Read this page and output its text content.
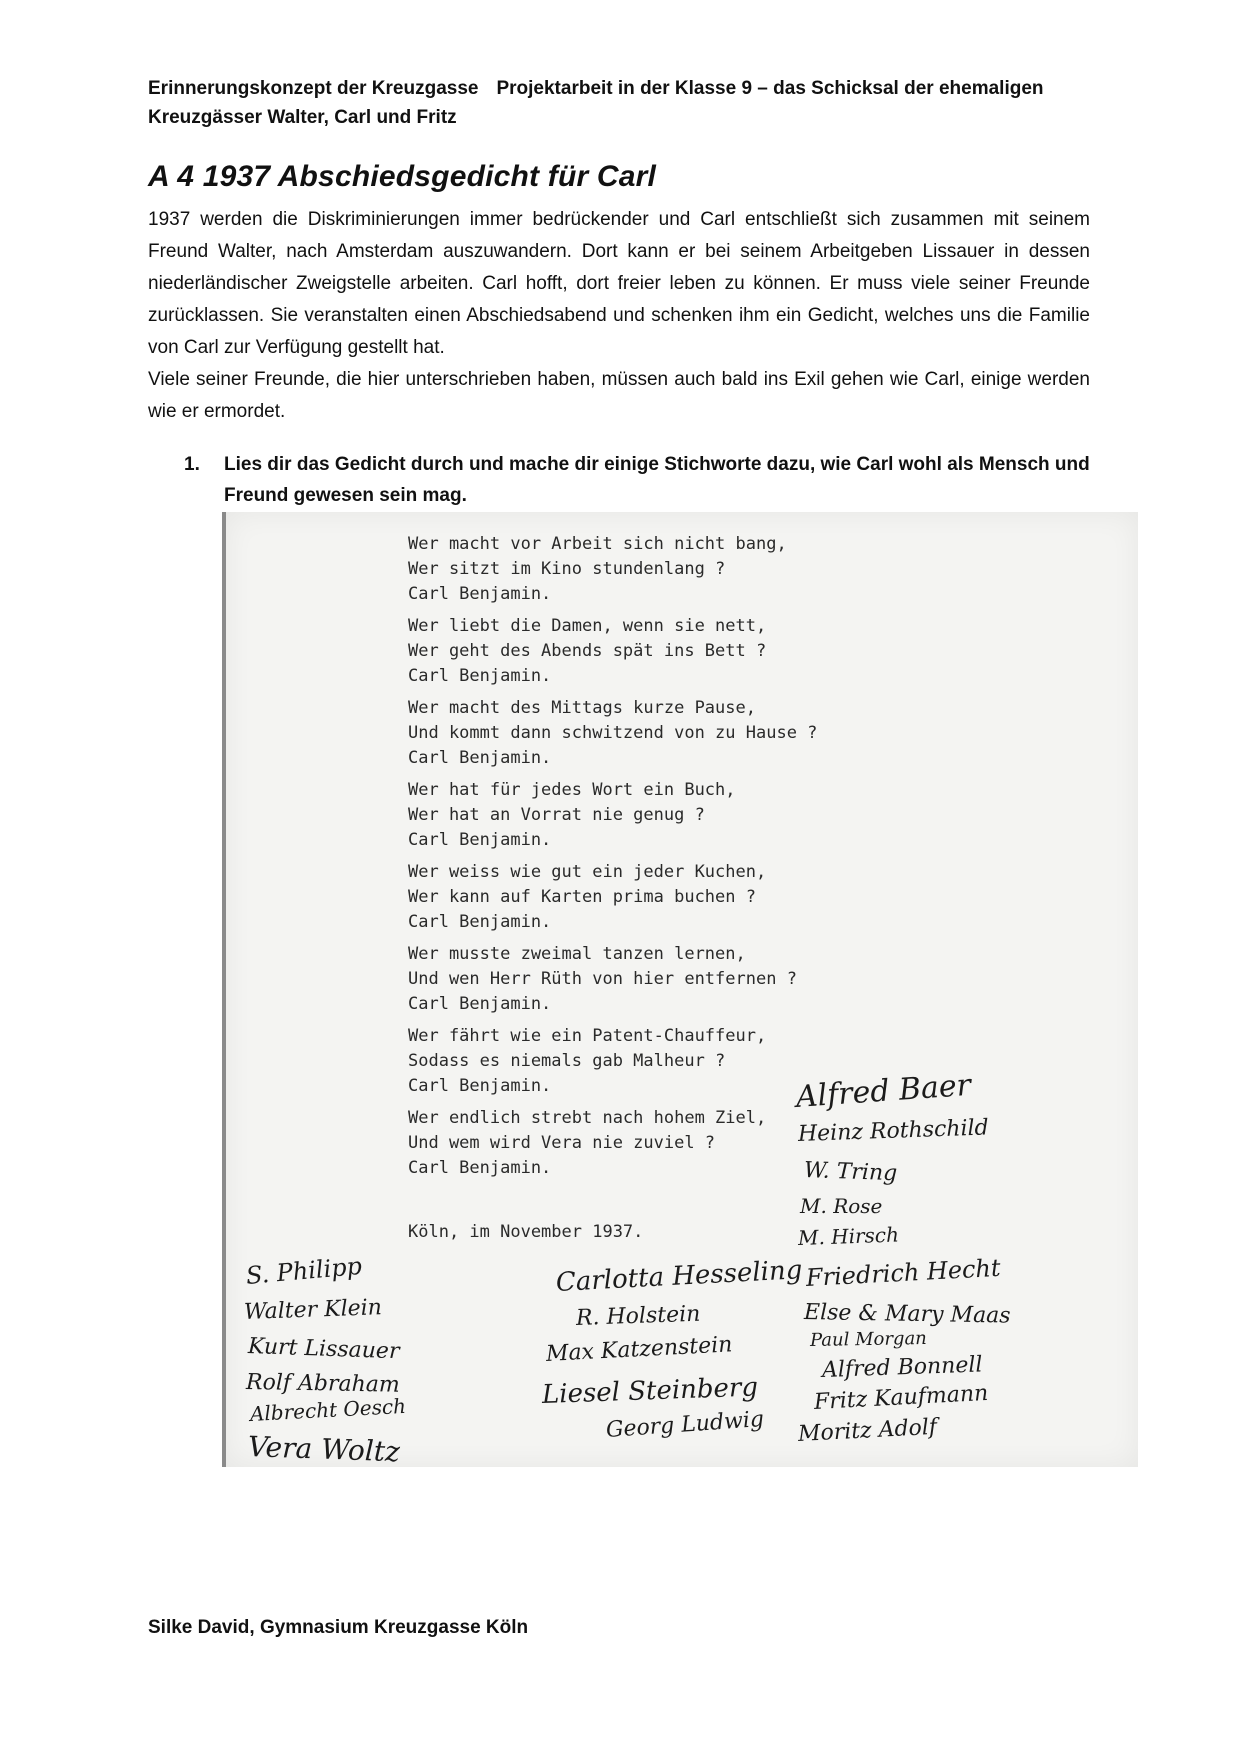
Erinnerungskonzept der Kreuzgasse Projektarbeit in der Klasse 9 – das Schicksal der ehemaligen
Kreuzgässer Walter, Carl und Fritz
A 4 1937 Abschiedsgedicht für Carl

1937 werden die Diskriminierungen immer bedrückender und Carl entschließt sich zusammen mit seinem Freund Walter, nach Amsterdam auszuwandern. Dort kann er bei seinem Arbeitgeben Lissauer in dessen niederländischer Zweigstelle arbeiten. Carl hofft, dort freier leben zu können. Er muss viele seiner Freunde zurücklassen. Sie veranstalten einen Abschiedsabend und schenken ihm ein Gedicht, welches uns die Familie von Carl zur Verfügung gestellt hat.

Viele seiner Freunde, die hier unterschrieben haben, müssen auch bald ins Exil gehen wie Carl, einige werden wie er ermordet.

1. Lies dir das Gedicht durch und mache dir einige Stichworte dazu, wie Carl wohl als Mensch und Freund gewesen sein mag.
Wer macht vor Arbeit sich nicht bang,
Wer sitzt im Kino stundenlang ?
Carl Benjamin.
Wer liebt die Damen, wenn sie nett,
Wer geht des Abends spät ins Bett ?
Carl Benjamin.
Wer macht des Mittags kurze Pause,
Und kommt dann schwitzend von zu Hause ?
Carl Benjamin.
Wer hat für jedes Wort ein Buch,
Wer hat an Vorrat nie genug ?
Carl Benjamin.
Wer weiss wie gut ein jeder Kuchen,
Wer kann auf Karten prima buchen ?
Carl Benjamin.
Wer musste zweimal tanzen lernen,
Und wen Herr Rüth von hier entfernen ?
Carl Benjamin.
Wer fährt wie ein Patent-Chauffeur,
Sodass es niemals gab Malheur ?
Carl Benjamin.
Wer endlich strebt nach hohem Ziel,
Und wem wird Vera nie zuviel ?
Carl Benjamin.
Köln, im November 1937.
Alfred Baer
Heinz Rothschild
W. Tring
M. Rose
M. Hirsch
S. Philipp
Walter Klein
Kurt Lissauer
Rolf Abraham
Albrecht Oesch
Vera Woltz
Carlotta Hesseling
R. Holstein
Max Katzenstein
Liesel Steinberg
Georg Ludwig
Friedrich Hecht
Else & Mary Maas
Paul Morgan
Alfred Bonnell
Fritz Kaufmann
Moritz Adolf
Silke David, Gymnasium Kreuzgasse Köln
